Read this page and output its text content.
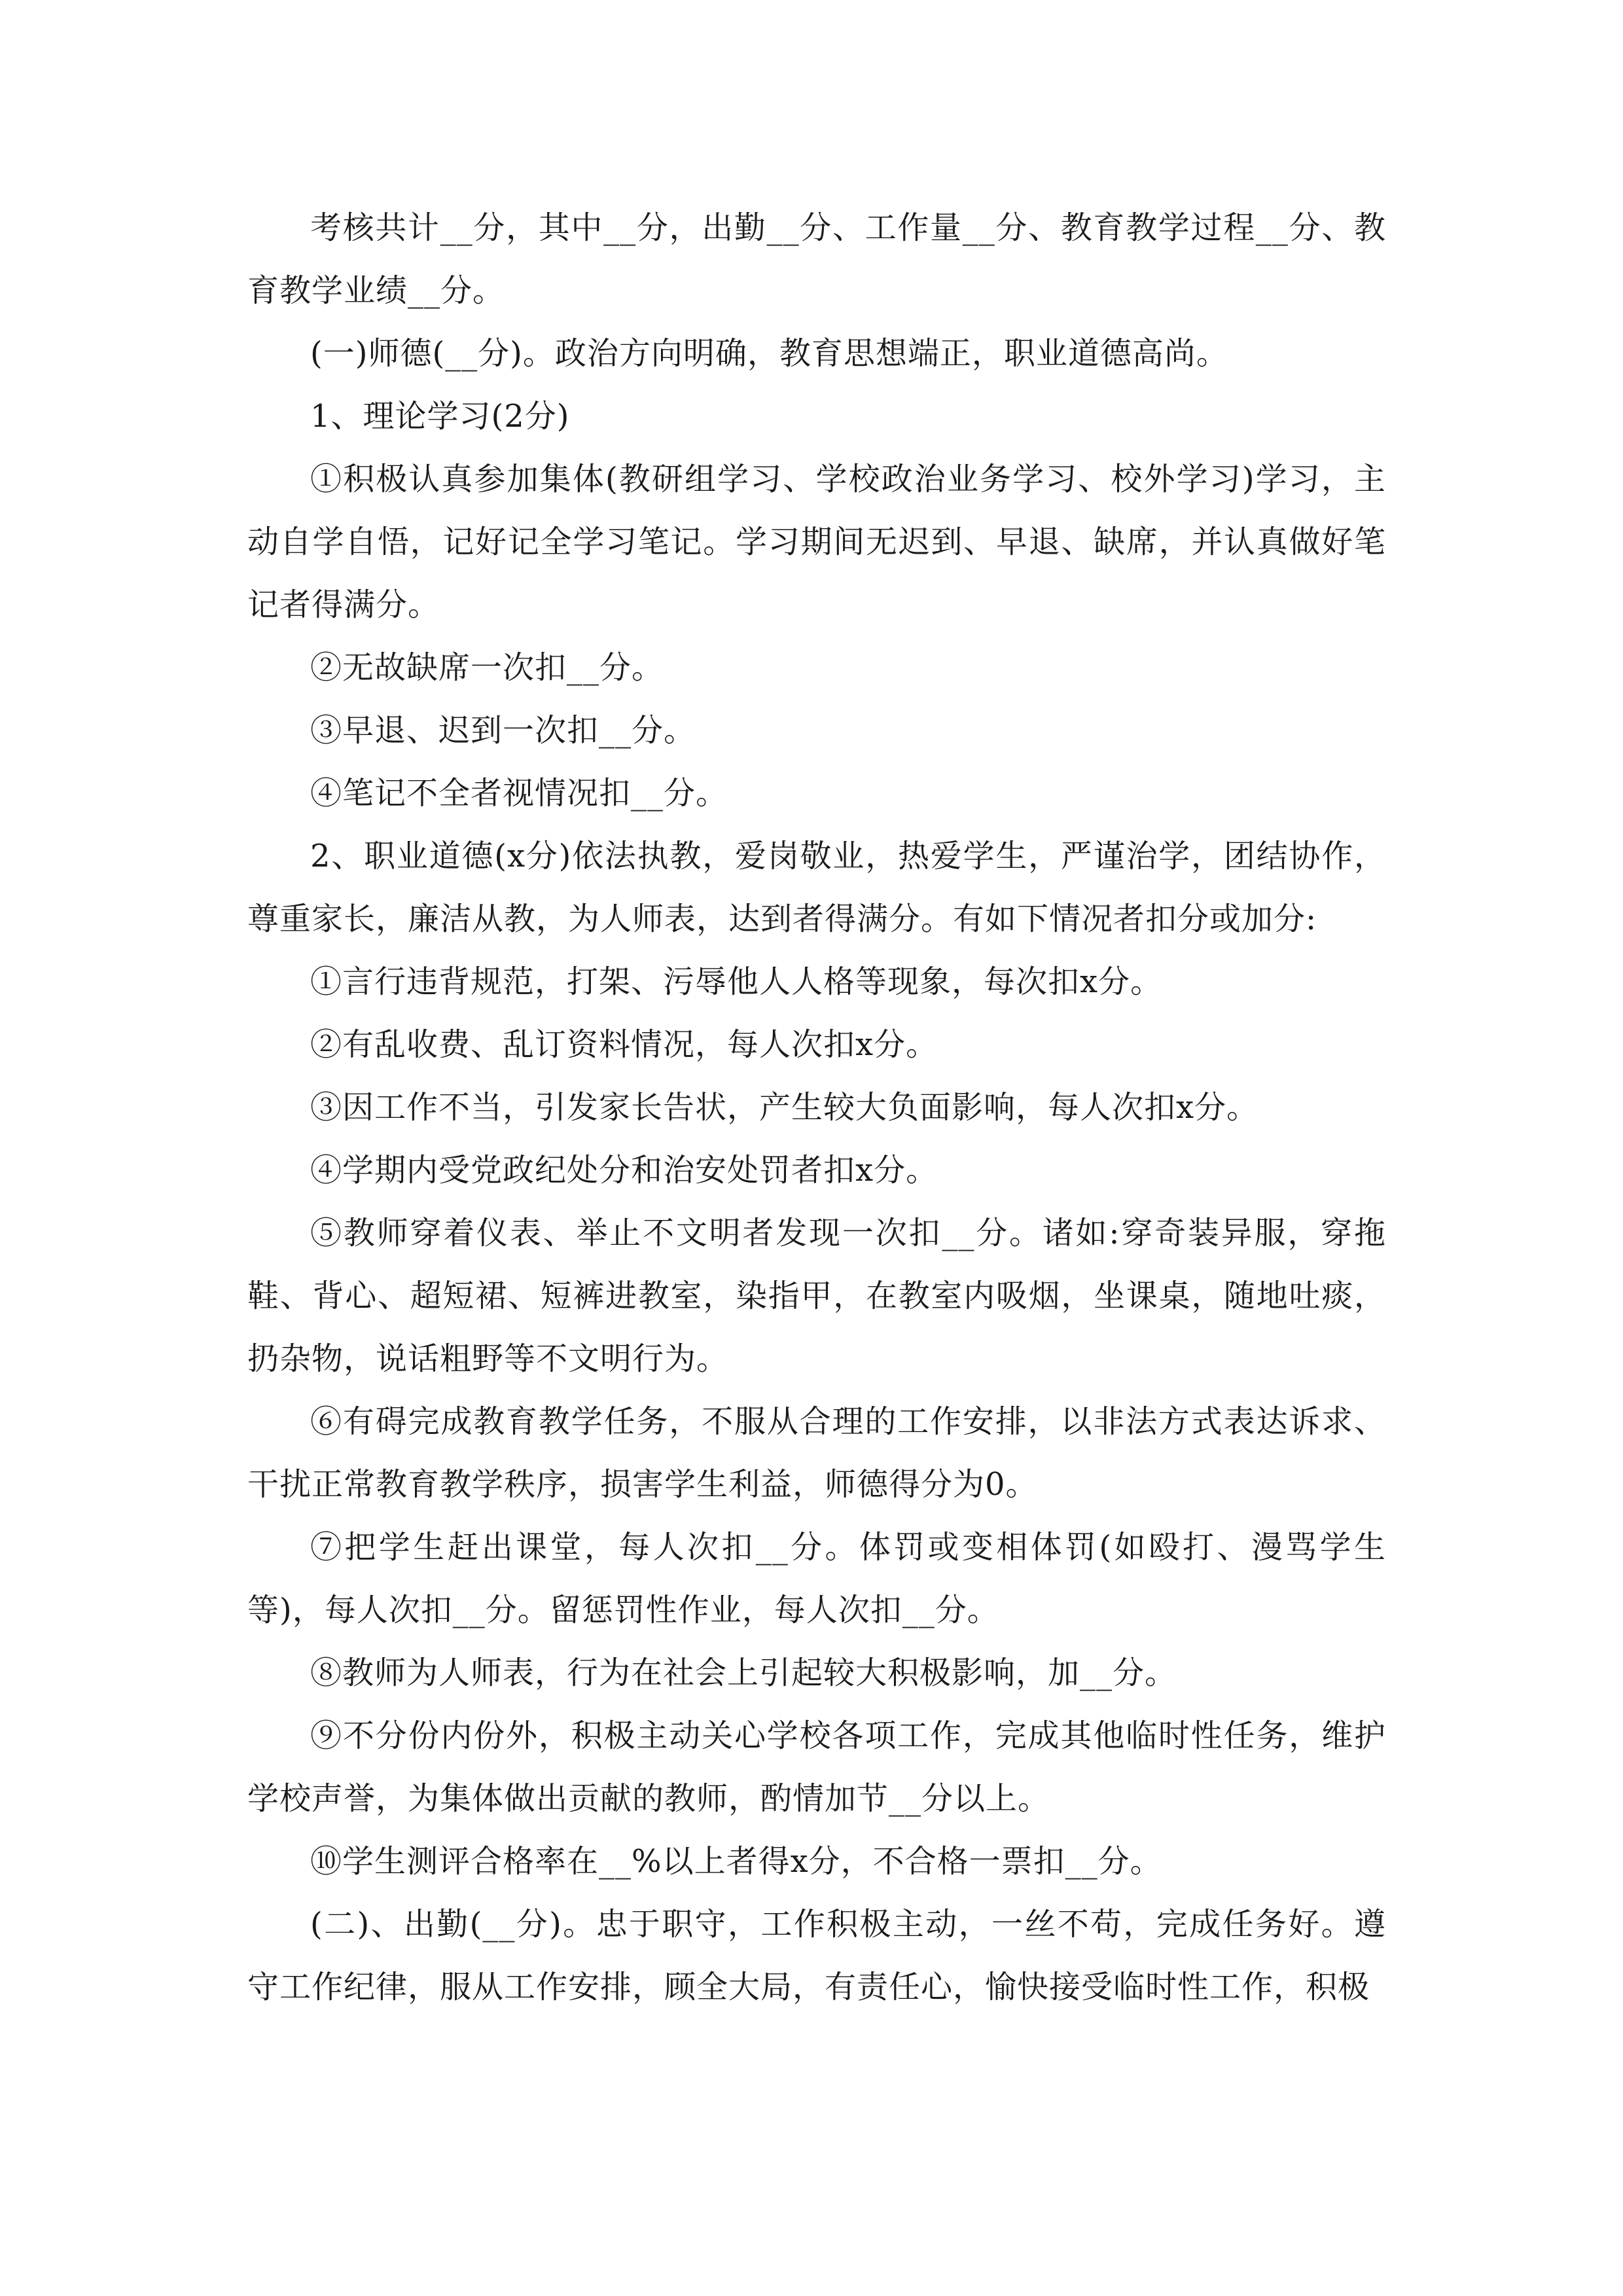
考核共计__分，其中__分，出勤__分、工作量__分、教育教学过程__分、教育教学业绩__分。

(一)师德(__分)。政治方向明确，教育思想端正，职业道德高尚。

1、理论学习(2分)

①积极认真参加集体(教研组学习、学校政治业务学习、校外学习)学习，主动自学自悟，记好记全学习笔记。学习期间无迟到、早退、缺席，并认真做好笔记者得满分。

②无故缺席一次扣__分。

③早退、迟到一次扣__分。

④笔记不全者视情况扣__分。

2、职业道德(x分)依法执教，爱岗敬业，热爱学生，严谨治学，团结协作，尊重家长，廉洁从教，为人师表，达到者得满分。有如下情况者扣分或加分:

①言行违背规范，打架、污辱他人人格等现象，每次扣x分。

②有乱收费、乱订资料情况，每人次扣x分。

③因工作不当，引发家长告状，产生较大负面影响，每人次扣x分。

④学期内受党政纪处分和治安处罚者扣x分。

⑤教师穿着仪表、举止不文明者发现一次扣__分。诸如:穿奇装异服，穿拖鞋、背心、超短裙、短裤进教室，染指甲，在教室内吸烟，坐课桌，随地吐痰，扔杂物，说话粗野等不文明行为。

⑥有碍完成教育教学任务，不服从合理的工作安排，以非法方式表达诉求、干扰正常教育教学秩序，损害学生利益，师德得分为0。

⑦把学生赶出课堂，每人次扣__分。体罚或变相体罚(如殴打、漫骂学生等)，每人次扣__分。留惩罚性作业，每人次扣__分。

⑧教师为人师表，行为在社会上引起较大积极影响，加__分。

⑨不分份内份外，积极主动关心学校各项工作，完成其他临时性任务，维护学校声誉，为集体做出贡献的教师，酌情加节__分以上。

⑩学生测评合格率在__%以上者得x分，不合格一票扣__分。

(二)、出勤(__分)。忠于职守，工作积极主动，一丝不苟，完成任务好。遵守工作纪律，服从工作安排，顾全大局，有责任心，愉快接受临时性工作，积极
